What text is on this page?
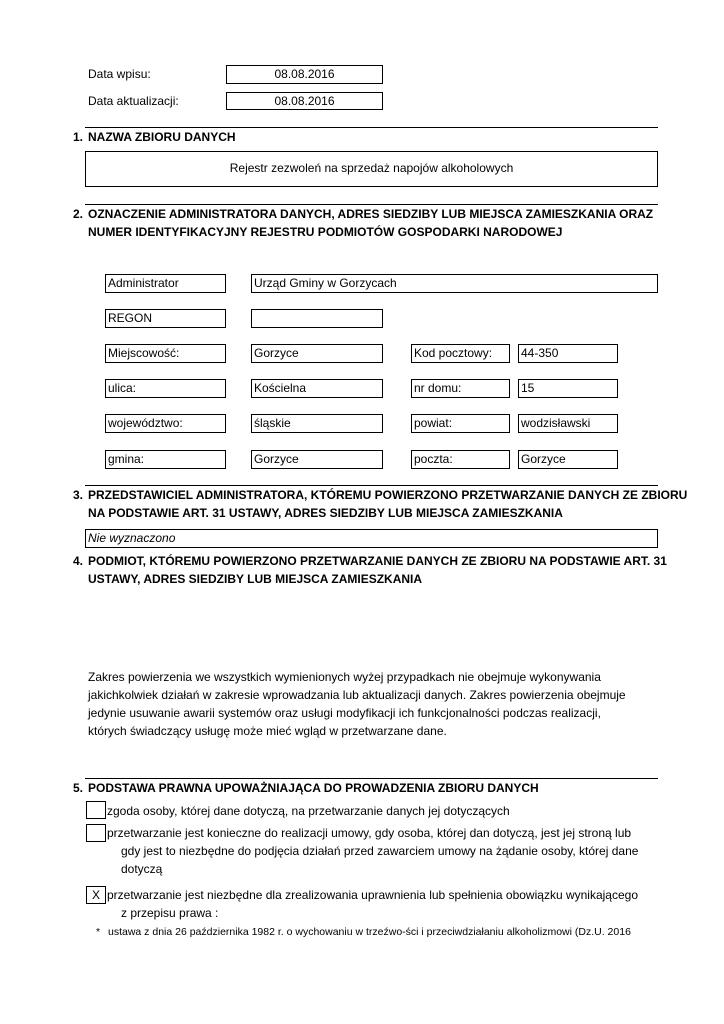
Data wpisu:	08.08.2016
Data aktualizacji:	08.08.2016
1. NAZWA ZBIORU DANYCH
Rejestr zezwoleń na sprzedaż napojów alkoholowych
2. OZNACZENIE ADMINISTRATORA DANYCH, ADRES SIEDZIBY LUB MIEJSCA ZAMIESZKANIA ORAZ
NUMER IDENTYFIKACYJNY REJESTRU PODMIOTÓW GOSPODARKI NARODOWEJ
Administrator	Urząd Gminy w Gorzycach
REGON
Miejscowość:	Gorzyce	Kod pocztowy:	44-350
ulica:	Kościelna	nr domu:	15
województwo:	śląskie	powiat:	wodzisławski
gmina:	Gorzyce	poczta:	Gorzyce
3. PRZEDSTAWICIEL ADMINISTRATORA, KTÓREMU POWIERZONO PRZETWARZANIE DANYCH ZE ZBIORU
NA PODSTAWIE ART. 31 USTAWY, ADRES SIEDZIBY LUB MIEJSCA ZAMIESZKANIA
Nie wyznaczono
4. PODMIOT, KTÓREMU POWIERZONO PRZETWARZANIE DANYCH ZE ZBIORU NA PODSTAWIE ART. 31
USTAWY, ADRES SIEDZIBY LUB MIEJSCA ZAMIESZKANIA
Zakres powierzenia we wszystkich wymienionych wyżej przypadkach nie obejmuje wykonywania
jakichkolwiek działań w zakresie wprowadzania lub aktualizacji danych. Zakres powierzenia obejmuje
jedynie usuwanie awarii systemów oraz usługi modyfikacji ich funkcjonalności podczas realizacji,
których świadczący usługę może mieć wgląd w przetwarzane dane.
5. PODSTAWA PRAWNA UPOWAŻNIAJĄCA DO PROWADZENIA ZBIORU DANYCH
zgoda osoby, której dane dotyczą, na przetwarzanie danych jej dotyczących
przetwarzanie jest konieczne do realizacji umowy, gdy osoba, której dan dotyczą, jest jej stroną lub
gdy jest to niezbędne do podjęcia działań przed zawarciem umowy na żądanie osoby, której dane
dotyczą
X przetwarzanie jest niezbędne dla zrealizowania uprawnienia lub spełnienia obowiązku wynikającego
z przepisu prawa :
* ustawa z dnia 26 października 1982 r. o wychowaniu w trzeźwo-ści i przeciwdziałaniu alkoholizmowi (Dz.U. 2016
